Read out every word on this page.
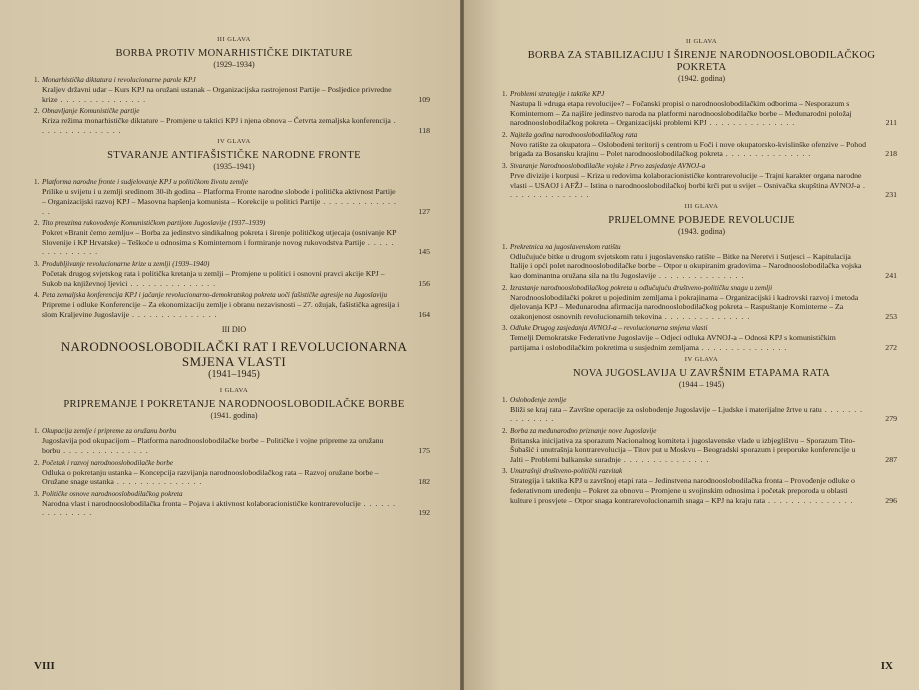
III GLAVA

BORBA PROTIV MONARHISTIČKE DIKTATURE

(1929–1934)

1. Monarhistička diktatura i revolucionarne parole KPJ
Kraljev državni udar – Kurs KPJ na oružani ustanak – Organizacijska rastrojenost Partije – Posljedice privredne krize . . . . . . . . . . . . . . .	109
2. Obnavljanje Komunističke partije
Kriza režima monarhističke diktature – Promjene u taktici KPJ i njena obnova – Četvrta zemaljska konferencija . . . . . . . . . . . . . . .	118

IV GLAVA

STVARANJE ANTIFAŠISTIČKE NARODNE FRONTE

(1935–1941)

1. Platforma narodne fronte i sudjelovanje KPJ u političkom životu zemlje
Prilike u svijetu i u zemlji sredinom 30-ih godina – Platforma Fronte narodne slobode i politička aktivnost Partije – Organizacijski razvoj KPJ – Masovna hapšenja komunista – Korekcije u politici Partije . . . . . . . . . . . . . . .	127
2. Tito preuzima rukovođenje Komunističkom partijom Jugoslavije (1937–1939)
Pokret »Branit ćemo zemlju« – Borba za jedinstvo sindikalnog pokreta i širenje političkog utjecaja (osnivanje KP Slovenije i KP Hrvatske) – Teškoće u odnosima s Kominternom i formiranje novog rukovodstva Partije . . . . . . . . . . . . . . .	145
3. Produbljivanje revolucionarne krize u zemlji (1939–1940)
Početak drugog svjetskog rata i politička kretanja u zemlji – Promjene u politici i osnovni pravci akcije KPJ – Sukob na književnoj ljevici . . . . . . . . . . . . . . .	156
4. Peta zemaljska konferencija KPJ i jačanje revolucionarno-demokratskog pokreta uoči fašističke agresije na Jugoslaviju
Pripreme i odluke Konferencije – Za ekonomizaciju zemlje i obranu nezavisnosti – 27. ožujak, fašistička agresija i slom Kraljevine Jugoslavije . . . . . . . . . . . . . . .	164

III DIO

NARODNOOSLOBODILAČKI RAT I REVOLUCIONARNA SMJENA VLASTI

(1941–1945)

I GLAVA

PRIPREMANJE I POKRETANJE NARODNOOSLOBODILAČKE BORBE

(1941. godina)

1. Okupacija zemlje i pripreme za oružanu borbu
Jugoslavija pod okupacijom – Platforma narodnooslobodilačke borbe – Političke i vojne pripreme za oružanu borbu . . . . . . . . . . . . . . .	175
2. Početak i razvoj narodnooslobodilačke borbe
Odluka o pokretanju ustanka – Koncepcija razvijanja narodnooslobodilačkog rata – Razvoj oružane borbe – Oružane snage ustanka . . . . . . . . . . . . . . .	182
3. Političke osnove narodnooslobodilačkog pokreta
Narodna vlast i narodnooslobodilačka fronta – Pojava i aktivnost kolaboracionističke kontrarevolucije . . . . . . . . . . . . . . .	192
VIII

II GLAVA

BORBA ZA STABILIZACIJU I ŠIRENJE NARODNOOSLOBODILAČKOG POKRETA

(1942. godina)

1. Problemi strategije i taktike KPJ
Nastupa li »druga etapa revolucije«? – Fočanski propisi o narodnooslobodilačkim odborima – Nesporazum s Kominternom – Za najšire jedinstvo naroda na platformi narodnooslobodilačke borbe – Međunarodni položaj narodnooslobodilačkog pokreta – Organizacijski problemi KPJ . . . . . . . . . . . . . . .	211
2. Najteža godina narodnooslobodilačkog rata
Novo ratište za okupatora – Oslobođeni teritorij s centrom u Foči i nove okupatorsko-kvislinške ofenzive – Pohod brigada za Bosansku krajinu – Polet narodnooslobodilačkog pokreta . . . . . . . . . . . . . . .	218
3. Stvaranje Narodnooslobodilačke vojske i Prvo zasjedanje AVNOJ-a
Prve divizije i korpusi – Kriza u redovima kolaboracionističke kontrarevolucije – Trajni karakter organa narodne vlasti – USAOJ i AFŽJ – Istina o narodnooslobodilačkoj borbi krči put u svijet – Osnivačka skupština AVNOJ-a . . . . . . . . . . . . . . .	231

III GLAVA

PRIJELOMNE POBJEDE REVOLUCIJE

(1943. godina)

1. Prekretnica na jugoslavenskom ratištu
Odlučujuće bitke u drugom svjetskom ratu i jugoslavensko ratište – Bitke na Neretvi i Sutjesci – Kapitulacija Italije i opći polet narodnooslobodilačke borbe – Otpor u okupiranim gradovima – Narodnooslobodilačka vojska kao dominantna oružana sila na tlu Jugoslavije . . . . . . . . . . . . . . .	241
2. Izrastanje narodnooslobodilačkog pokreta u odlučujuću društveno-političku snagu u zemlji
Narodnooslobodilački pokret u pojedinim zemljama i pokrajinama – Organizacijski i kadrovski razvoj i metoda djelovanja KPJ – Međunarodna afirmacija narodnooslobodilačkog pokreta – Raspuštanje Kominterne – Za ozakonjenost osnovnih revolucionarnih tekovina . . . . . . . . . . . . . . .	253
3. Odluke Drugog zasjedanja AVNOJ-a – revolucionarna smjena vlasti
Temelji Demokratske Federativne Jugoslavije – Odjeci odluka AVNOJ-a – Odnosi KPJ s komunističkim partijama i oslobodilačkim pokretima u susjednim zemljama . . . . . . . . . . . . . . .	272

IV GLAVA

NOVA JUGOSLAVIJA U ZAVRŠNIM ETAPAMA RATA

(1944 – 1945)

1. Oslobođenje zemlje
Bliži se kraj rata – Završne operacije za oslobođenje Jugoslavije – Ljudske i materijalne žrtve u ratu . . . . . . . . . . . . . . .	279
2. Borba za međunarodno priznanje nove Jugoslavije
Britanska inicijativa za sporazum Nacionalnog komiteta i jugoslavenske vlade u izbjeglištvu – Sporazum Tito-Šubašić i unutrašnja kontrarevolucija – Titov put u Moskvu – Beogradski sporazum i preporuke konferencije u Jalti – Problemi balkanske suradnje . . . . . . . . . . . . . . .	287
3. Unutrašnji društveno-politički razvitak
Strategija i taktika KPJ u završnoj etapi rata – Jedinstvena narodnooslobodilačka fronta – Provođenje odluke o federativnom uređenju – Pokret za obnovu – Promjene u svojinskim odnosima i početak preporoda u oblasti kulture i prosvjete – Otpor snaga kontrarevolucionarnih snaga – KPJ na kraju rata . . . . . . . . . . . . . . .	296
IX
